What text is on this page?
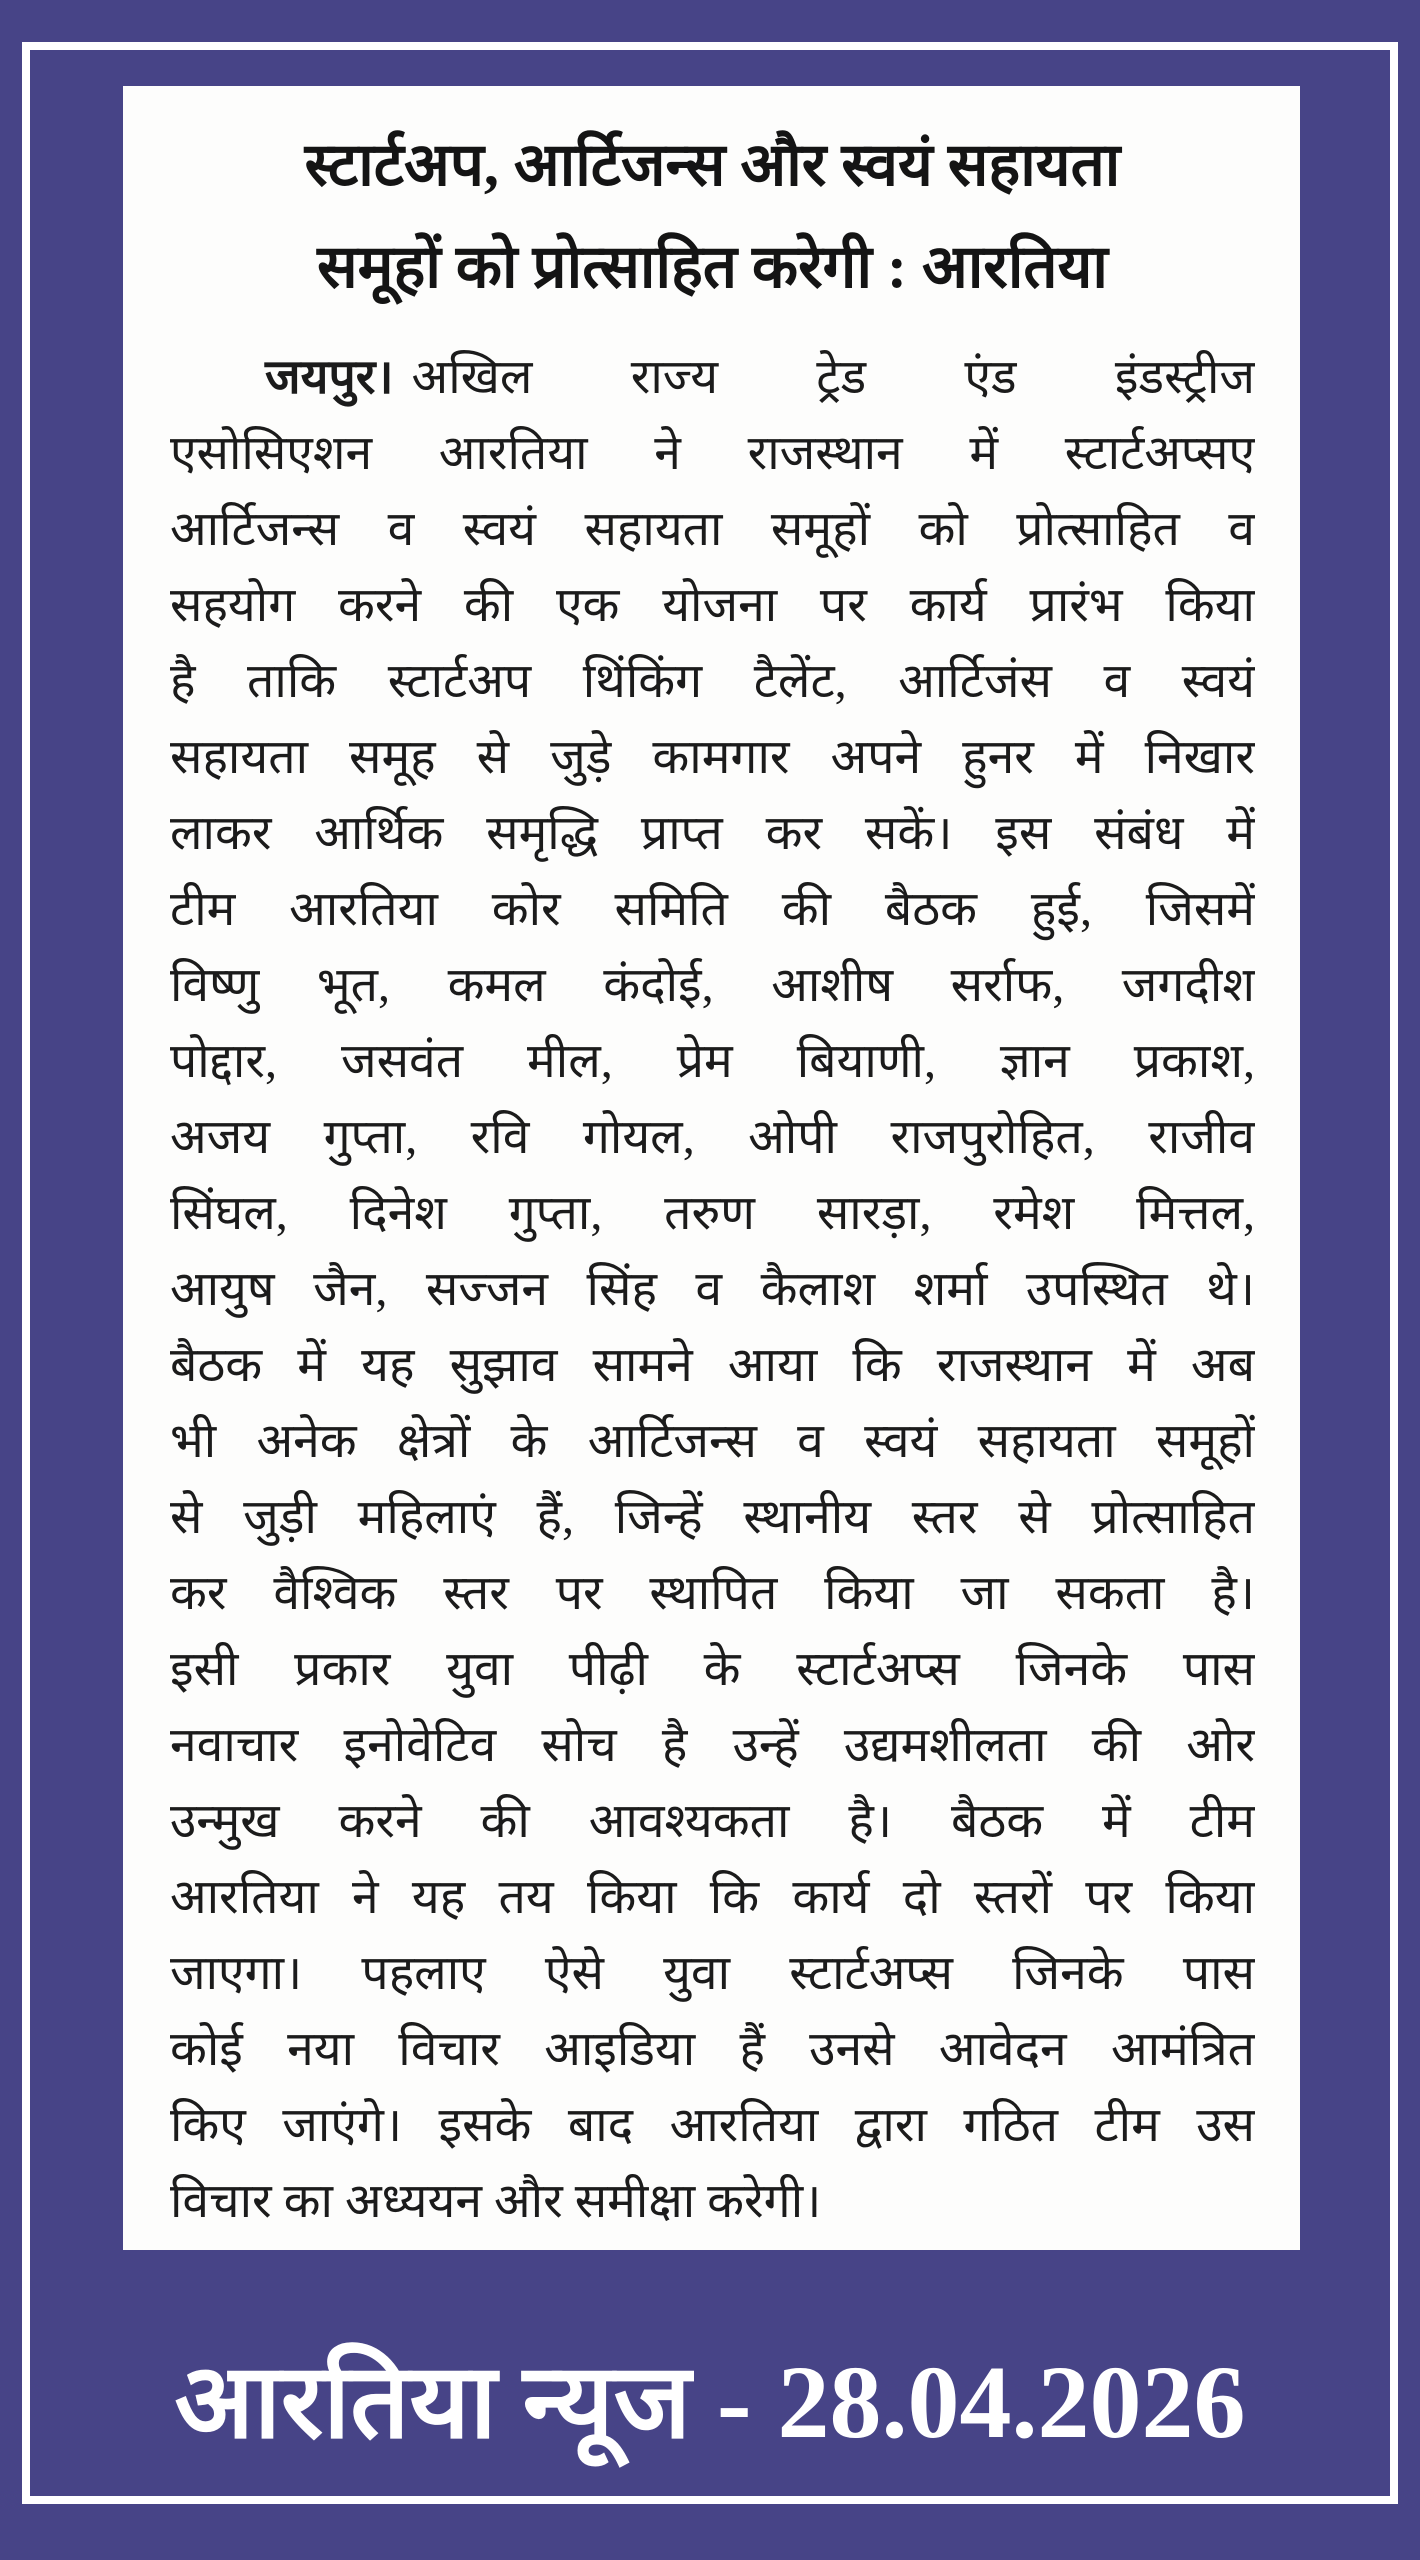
स्टार्टअप, आर्टिजन्स और स्वयं सहायता
समूहों को प्रोत्साहित करेगी : आरतिया
जयपुर। अखिल राज्य ट्रेड एंड इंडस्ट्रीज
एसोसिएशन आरतिया ने राजस्थान में स्टार्टअप्सए
आर्टिजन्स व स्वयं सहायता समूहों को प्रोत्साहित व
सहयोग करने की एक योजना पर कार्य प्रारंभ किया
है ताकि स्टार्टअप थिंकिंग टैलेंट, आर्टिजंस व स्वयं
सहायता समूह से जुड़े कामगार अपने हुनर में निखार
लाकर आर्थिक समृद्धि प्राप्त कर सकें। इस संबंध में
टीम आरतिया कोर समिति की बैठक हुई, जिसमें
विष्णु भूत, कमल कंदोई, आशीष सर्राफ, जगदीश
पोद्दार, जसवंत मील, प्रेम बियाणी, ज्ञान प्रकाश,
अजय गुप्ता, रवि गोयल, ओपी राजपुरोहित, राजीव
सिंघल, दिनेश गुप्ता, तरुण सारड़ा, रमेश मित्तल,
आयुष जैन, सज्जन सिंह व कैलाश शर्मा उपस्थित थे।
बैठक में यह सुझाव सामने आया कि राजस्थान में अब
भी अनेक क्षेत्रों के आर्टिजन्स व स्वयं सहायता समूहों
से जुड़ी महिलाएं हैं, जिन्हें स्थानीय स्तर से प्रोत्साहित
कर वैश्विक स्तर पर स्थापित किया जा सकता है।
इसी प्रकार युवा पीढ़ी के स्टार्टअप्स जिनके पास
नवाचार इनोवेटिव सोच है उन्हें उद्यमशीलता की ओर
उन्मुख करने की आवश्यकता है। बैठक में टीम
आरतिया ने यह तय किया कि कार्य दो स्तरों पर किया
जाएगा। पहलाए ऐसे युवा स्टार्टअप्स जिनके पास
कोई नया विचार आइडिया हैं उनसे आवेदन आमंत्रित
किए जाएंगे। इसके बाद आरतिया द्वारा गठित टीम उस
विचार का अध्ययन और समीक्षा करेगी।
आरतिया न्यूज - 28.04.2026
